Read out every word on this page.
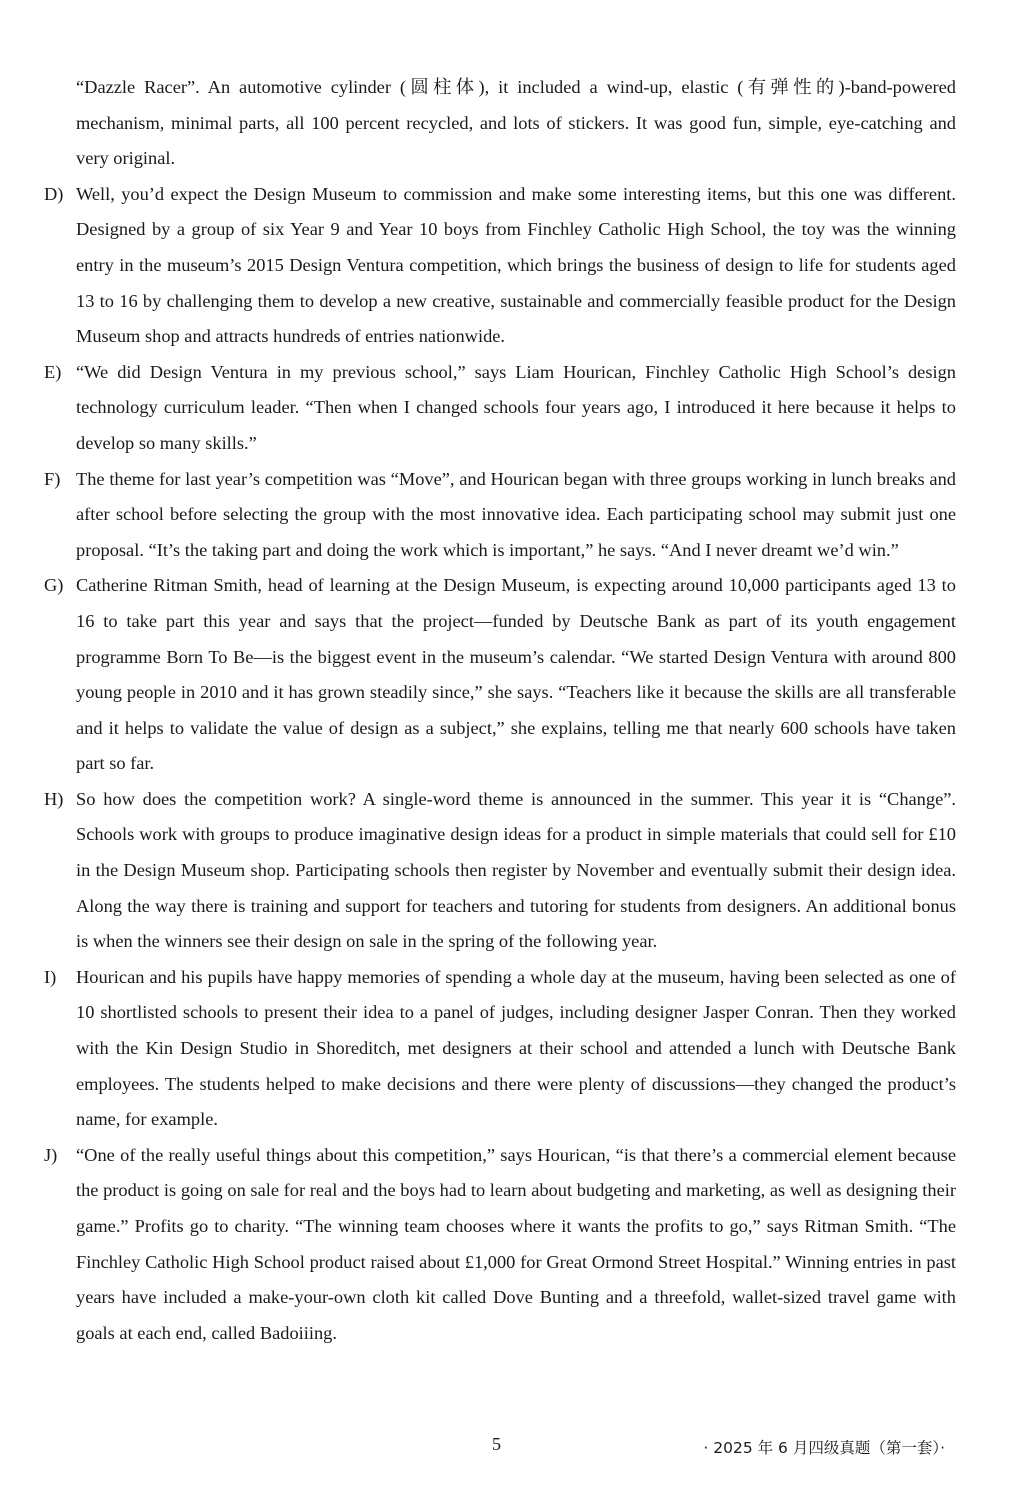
“Dazzle Racer”. An automotive cylinder (圆柱体), it included a wind-up, elastic (有弹性的)-band-powered mechanism, minimal parts, all 100 percent recycled, and lots of stickers. It was good fun, simple, eye-catching and very original.
D) Well, you’d expect the Design Museum to commission and make some interesting items, but this one was different. Designed by a group of six Year 9 and Year 10 boys from Finchley Catholic High School, the toy was the winning entry in the museum’s 2015 Design Ventura competition, which brings the business of design to life for students aged 13 to 16 by challenging them to develop a new creative, sustainable and commercially feasible product for the Design Museum shop and attracts hundreds of entries nationwide.
E) “We did Design Ventura in my previous school,” says Liam Hourican, Finchley Catholic High School’s design technology curriculum leader. “Then when I changed schools four years ago, I introduced it here because it helps to develop so many skills.”
F) The theme for last year’s competition was “Move”, and Hourican began with three groups working in lunch breaks and after school before selecting the group with the most innovative idea. Each participating school may submit just one proposal. “It’s the taking part and doing the work which is important,” he says. “And I never dreamt we’d win.”
G) Catherine Ritman Smith, head of learning at the Design Museum, is expecting around 10,000 participants aged 13 to 16 to take part this year and says that the project—funded by Deutsche Bank as part of its youth engagement programme Born To Be—is the biggest event in the museum’s calendar. “We started Design Ventura with around 800 young people in 2010 and it has grown steadily since,” she says. “Teachers like it because the skills are all transferable and it helps to validate the value of design as a subject,” she explains, telling me that nearly 600 schools have taken part so far.
H) So how does the competition work? A single-word theme is announced in the summer. This year it is “Change”. Schools work with groups to produce imaginative design ideas for a product in simple materials that could sell for £10 in the Design Museum shop. Participating schools then register by November and eventually submit their design idea. Along the way there is training and support for teachers and tutoring for students from designers. An additional bonus is when the winners see their design on sale in the spring of the following year.
I)	Hourican and his pupils have happy memories of spending a whole day at the museum, having been selected as one of 10 shortlisted schools to present their idea to a panel of judges, including designer Jasper Conran. Then they worked with the Kin Design Studio in Shoreditch, met designers at their school and attended a lunch with Deutsche Bank employees. The students helped to make decisions and there were plenty of discussions—they changed the product’s name, for example.
J)	“One of the really useful things about this competition,” says Hourican, “is that there’s a commercial element because the product is going on sale for real and the boys had to learn about budgeting and marketing, as well as designing their game.” Profits go to charity. “The winning team chooses where it wants the profits to go,” says Ritman Smith. “The Finchley Catholic High School product raised about £1,000 for Great Ormond Street Hospital.” Winning entries in past years have included a make-your-own cloth kit called Dove Bunting and a threefold, wallet-sized travel game with goals at each end, called Badoiiing.
5	· 2025 年 6 月四级真题（第一套）·
